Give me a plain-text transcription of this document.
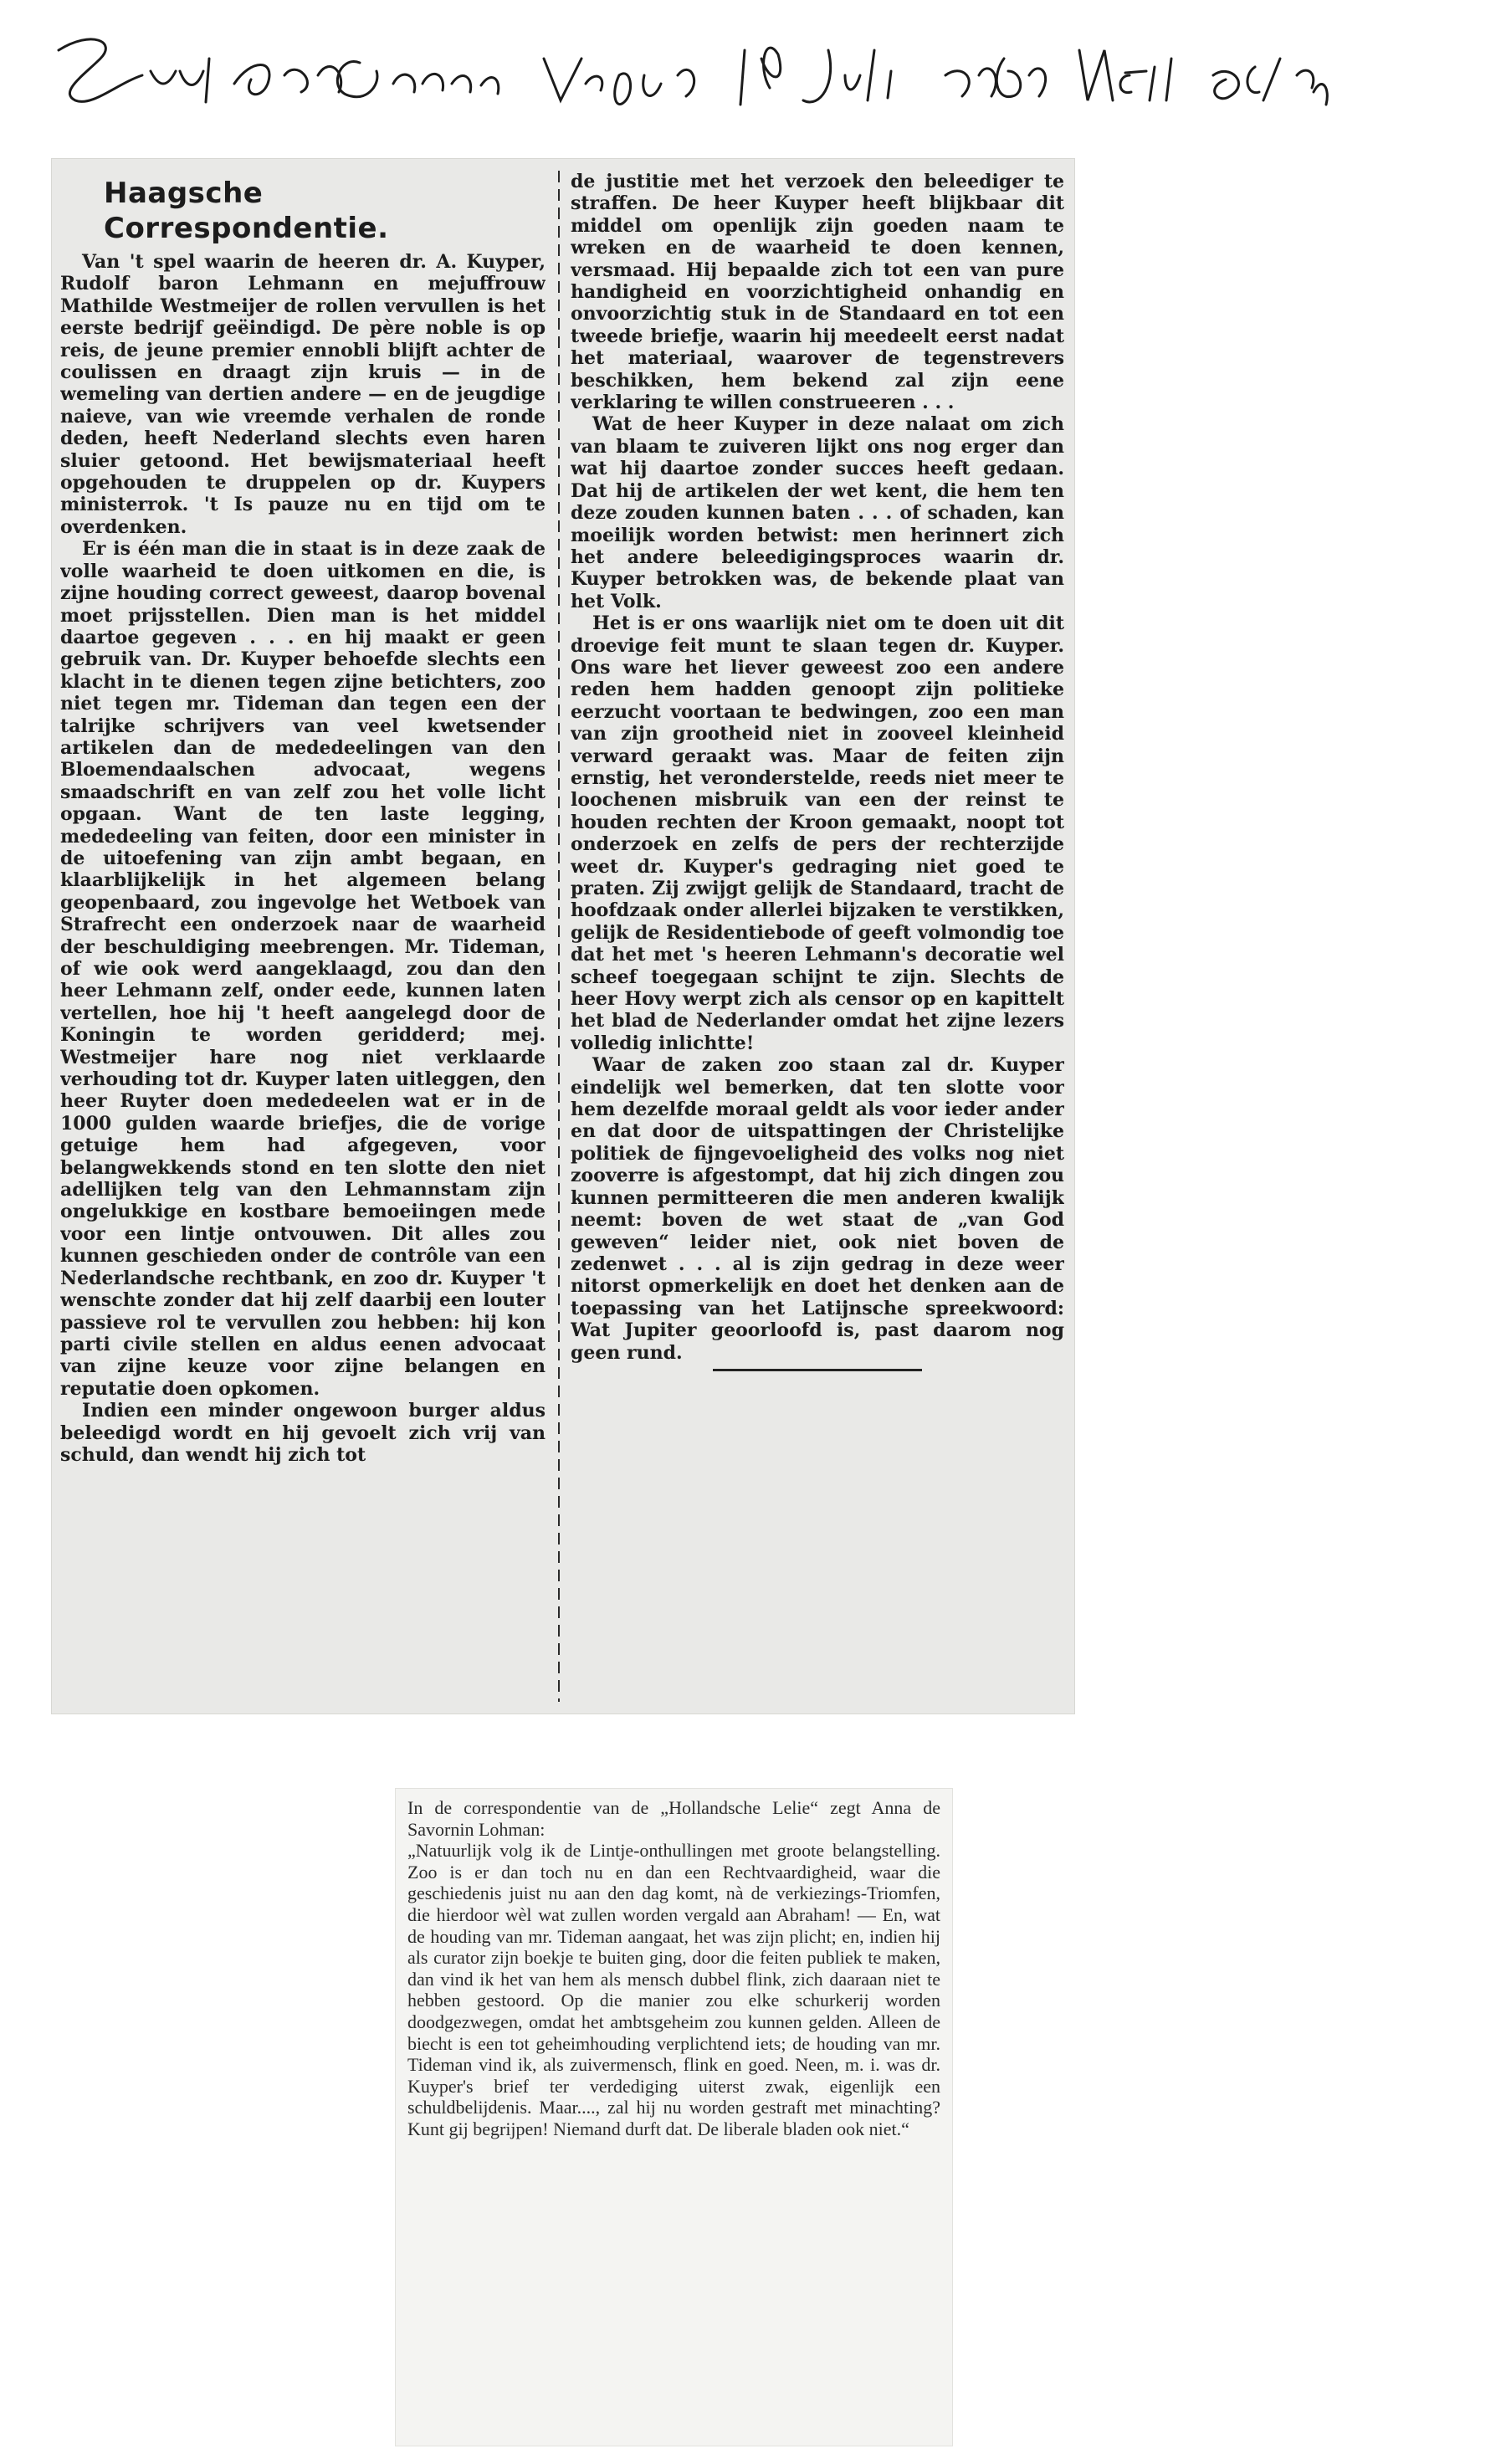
Zutphensche Courant. Vrijdag 16 Juli 1909 No 164. 60e jg.
Haagsche Correspondentie.

Van 't spel waarin de heeren dr. A. Kuyper, Rudolf baron Lehmann en mejuffrouw Mathilde Westmeijer de rollen vervullen is het eerste bedrijf geëindigd. De père noble is op reis, de jeune premier ennobli blijft achter de coulissen en draagt zijn kruis — in de wemeling van dertien andere — en de jeugdige naieve, van wie vreemde verhalen de ronde deden, heeft Nederland slechts even haren sluier getoond. Het bewijsmateriaal heeft opgehouden te druppelen op dr. Kuypers ministerrok. 't Is pauze nu en tijd om te overdenken.

Er is één man die in staat is in deze zaak de volle waarheid te doen uitkomen en die, is zijne houding correct geweest, daarop bovenal moet prijsstellen. Dien man is het middel daartoe gegeven . . . en hij maakt er geen gebruik van. Dr. Kuyper behoefde slechts een klacht in te dienen tegen zijne betichters, zoo niet tegen mr. Tideman dan tegen een der talrijke schrijvers van veel kwetsender artikelen dan de mededeelingen van den Bloemendaalschen advocaat, wegens smaadschrift en van zelf zou het volle licht opgaan. Want de ten laste legging, mededeeling van feiten, door een minister in de uitoefening van zijn ambt begaan, en klaarblijkelijk in het algemeen belang geopenbaard, zou ingevolge het Wetboek van Strafrecht een onderzoek naar de waarheid der beschuldiging meebrengen. Mr. Tideman, of wie ook werd aangeklaagd, zou dan den heer Lehmann zelf, onder eede, kunnen laten vertellen, hoe hij 't heeft aangelegd door de Koningin te worden geridderd; mej. Westmeijer hare nog niet verklaarde verhouding tot dr. Kuyper laten uitleggen, den heer Ruyter doen mededeelen wat er in de 1000 gulden waarde briefjes, die de vorige getuige hem had afgegeven, voor belangwekkends stond en ten slotte den niet adellijken telg van den Lehmannstam zijn ongelukkige en kostbare bemoeiingen mede voor een lintje ontvouwen. Dit alles zou kunnen geschieden onder de contrôle van een Nederlandsche rechtbank, en zoo dr. Kuyper 't wenschte zonder dat hij zelf daarbij een louter passieve rol te vervullen zou hebben: hij kon parti civile stellen en aldus eenen advocaat van zijne keuze voor zijne belangen en reputatie doen opkomen.

Indien een minder ongewoon burger aldus beleedigd wordt en hij gevoelt zich vrij van schuld, dan wendt hij zich tot

de justitie met het verzoek den beleediger te straffen. De heer Kuyper heeft blijkbaar dit middel om openlijk zijn goeden naam te wreken en de waarheid te doen kennen, versmaad. Hij bepaalde zich tot een van pure handigheid en voorzichtigheid onhandig en onvoorzichtig stuk in de Standaard en tot een tweede briefje, waarin hij meedeelt eerst nadat het materiaal, waarover de tegenstrevers beschikken, hem bekend zal zijn eene verklaring te willen construeeren . . .

Wat de heer Kuyper in deze nalaat om zich van blaam te zuiveren lijkt ons nog erger dan wat hij daartoe zonder succes heeft gedaan. Dat hij de artikelen der wet kent, die hem ten deze zouden kunnen baten . . . of schaden, kan moeilijk worden betwist: men herinnert zich het andere beleedigingsproces waarin dr. Kuyper betrokken was, de bekende plaat van het Volk.

Het is er ons waarlijk niet om te doen uit dit droevige feit munt te slaan tegen dr. Kuyper. Ons ware het liever geweest zoo een andere reden hem hadden genoopt zijn politieke eerzucht voortaan te bedwingen, zoo een man van zijn grootheid niet in zooveel kleinheid verward geraakt was. Maar de feiten zijn ernstig, het veronderstelde, reeds niet meer te loochenen misbruik van een der reinst te houden rechten der Kroon gemaakt, noopt tot onderzoek en zelfs de pers der rechterzijde weet dr. Kuyper's gedraging niet goed te praten. Zij zwijgt gelijk de Standaard, tracht de hoofdzaak onder allerlei bijzaken te verstikken, gelijk de Residentiebode of geeft volmondig toe dat het met 's heeren Lehmann's decoratie wel scheef toegegaan schijnt te zijn. Slechts de heer Hovy werpt zich als censor op en kapittelt het blad de Nederlander omdat het zijne lezers volledig inlichtte!

Waar de zaken zoo staan zal dr. Kuyper eindelijk wel bemerken, dat ten slotte voor hem dezelfde moraal geldt als voor ieder ander en dat door de uitspattingen der Christelijke politiek de fijngevoeligheid des volks nog niet zooverre is afgestompt, dat hij zich dingen zou kunnen permitteeren die men anderen kwalijk neemt: boven de wet staat de „van God geweven“ leider niet, ook niet boven de zedenwet . . . al is zijn gedrag in deze weer nitorst opmerkelijk en doet het denken aan de toepassing van het Latijnsche spreekwoord: Wat Jupiter geoorloofd is, past daarom nog geen rund.

In de correspondentie van de „Hollandsche Lelie“ zegt Anna de Savornin Lohman:
„Natuurlijk volg ik de Lintje-onthullingen met groote belangstelling. Zoo is er dan toch nu en dan een Rechtvaardigheid, waar die geschiedenis juist nu aan den dag komt, nà de verkiezings-Triomfen, die hierdoor wèl wat zullen worden vergald aan Abraham! — En, wat de houding van mr. Tideman aangaat, het was zijn plicht; en, indien hij als curator zijn boekje te buiten ging, door die feiten publiek te maken, dan vind ik het van hem als mensch dubbel flink, zich daaraan niet te hebben gestoord. Op die manier zou elke schurkerij worden doodgezwegen, omdat het ambtsgeheim zou kunnen gelden. Alleen de biecht is een tot geheimhouding verplichtend iets; de houding van mr. Tideman vind ik, als zuivermensch, flink en goed. Neen, m. i. was dr. Kuyper's brief ter verdediging uiterst zwak, eigenlijk een schuldbelijdenis. Maar...., zal hij nu worden gestraft met minachting? Kunt gij begrijpen! Niemand durft dat. De liberale bladen ook niet.“
